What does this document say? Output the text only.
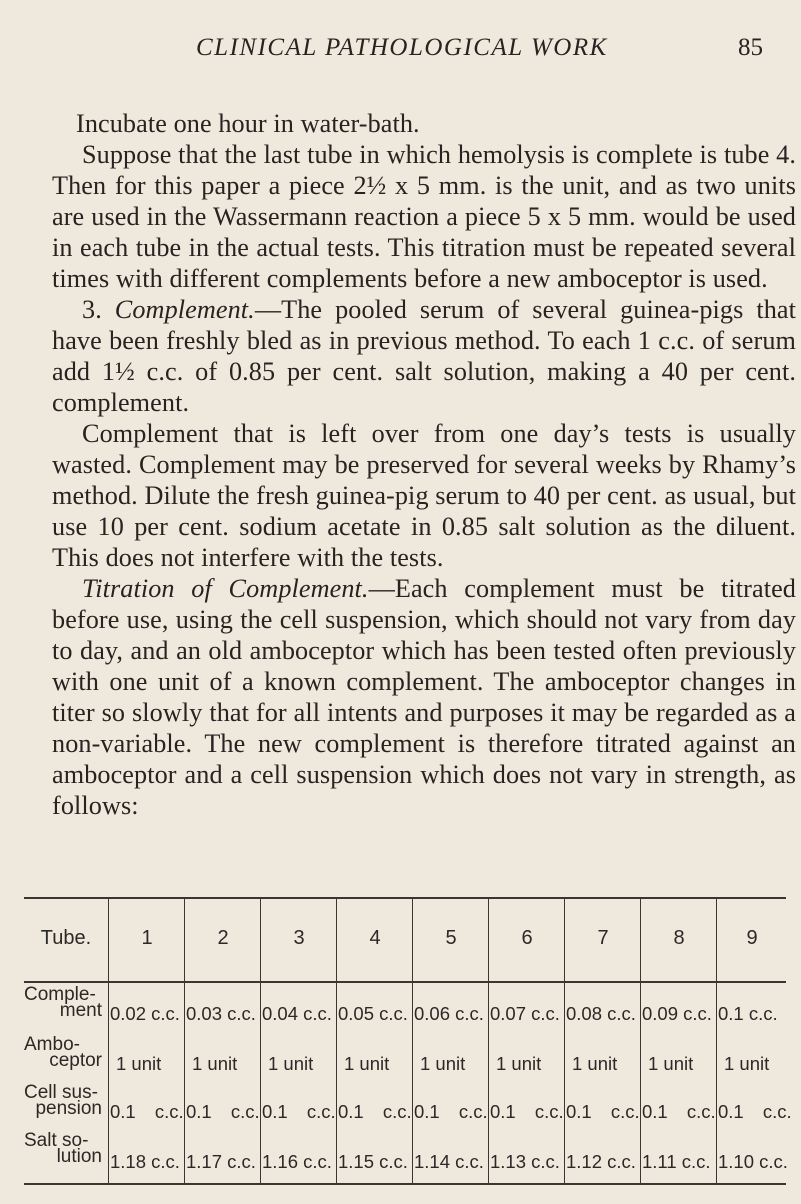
CLINICAL PATHOLOGICAL WORK	85

Incubate one hour in water-bath.

Suppose that the last tube in which hemolysis is complete is tube 4. Then for this paper a piece 2½ x 5 mm. is the unit, and as two units are used in the Wassermann reaction a piece 5 x 5 mm. would be used in each tube in the actual tests. This titration must be repeated several times with different complements before a new amboceptor is used.

3. Complement.—The pooled serum of several guinea-pigs that have been freshly bled as in previous method. To each 1 c.c. of serum add 1½ c.c. of 0.85 per cent. salt solution, making a 40 per cent. complement.

Complement that is left over from one day’s tests is usually wasted. Complement may be preserved for several weeks by Rhamy’s method. Dilute the fresh guinea-pig serum to 40 per cent. as usual, but use 10 per cent. sodium acetate in 0.85 salt solution as the diluent. This does not interfere with the tests.

Titration of Complement.—Each complement must be titrated before use, using the cell suspension, which should not vary from day to day, and an old amboceptor which has been tested often previously with one unit of a known complement. The amboceptor changes in titer so slowly that for all intents and purposes it may be regarded as a non-variable. The new complement is therefore titrated against an amboceptor and a cell suspension which does not vary in strength, as follows:

Tube.	1	2	3	4	5	6	7	8	9
Comple-
ment 0.02 c.c. 0.03 c.c. 0.04 c.c. 0.05 c.c. 0.06 c.c. 0.07 c.c. 0.08 c.c. 0.09 c.c. 0.1 c.c.
Ambo-
ceptor 1 unit 1 unit 1 unit 1 unit 1 unit 1 unit 1 unit 1 unit 1 unit
Cell sus-
pension 0.1 c.c. 0.1 c.c. 0.1 c.c. 0.1 c.c. 0.1 c.c. 0.1 c.c. 0.1 c.c. 0.1 c.c. 0.1 c.c.
Salt so-
lution 1.18 c.c. 1.17 c.c. 1.16 c.c. 1.15 c.c. 1.14 c.c. 1.13 c.c. 1.12 c.c. 1.11 c.c. 1.10 c.c.
